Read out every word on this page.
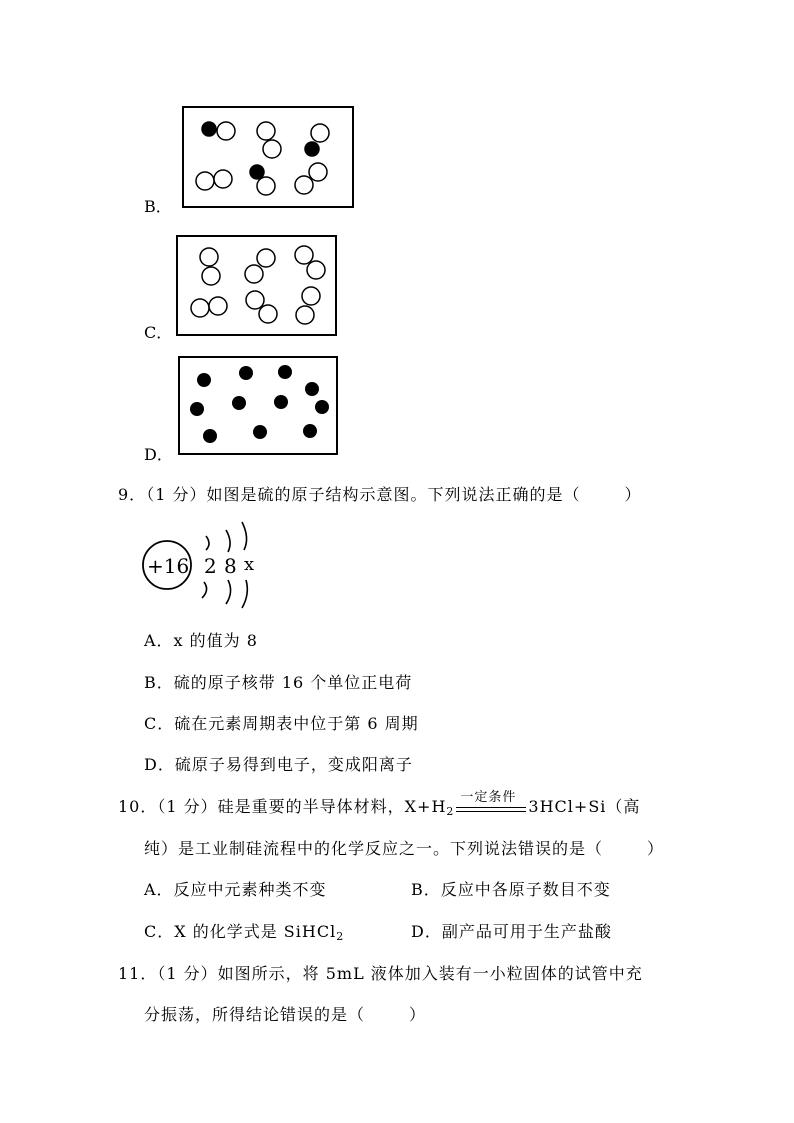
B．
C．
D．
9．（1 分）如图是硫的原子结构示意图。下列说法正确的是（	）
+16 2 8 x
A．x 的值为 8
B．硫的原子核带 16 个单位正电荷
C．硫在元素周期表中位于第 6 周期
D．硫原子易得到电子，变成阳离子
10．（1 分）硅是重要的半导体材料，$X+H_2$
一定条件 3HCl+Si（高
纯）是工业制硅流程中的化学反应之一。下列说法错误的是（	）
A．反应中元素种类不变	B．反应中各原子数目不变
C．X 的化学式是 SiHCl$_2$	D．副产品可用于生产盐酸
11．（1 分）如图所示，将 5mL 液体加入装有一小粒固体的试管中充
分振荡，所得结论错误的是（	）
